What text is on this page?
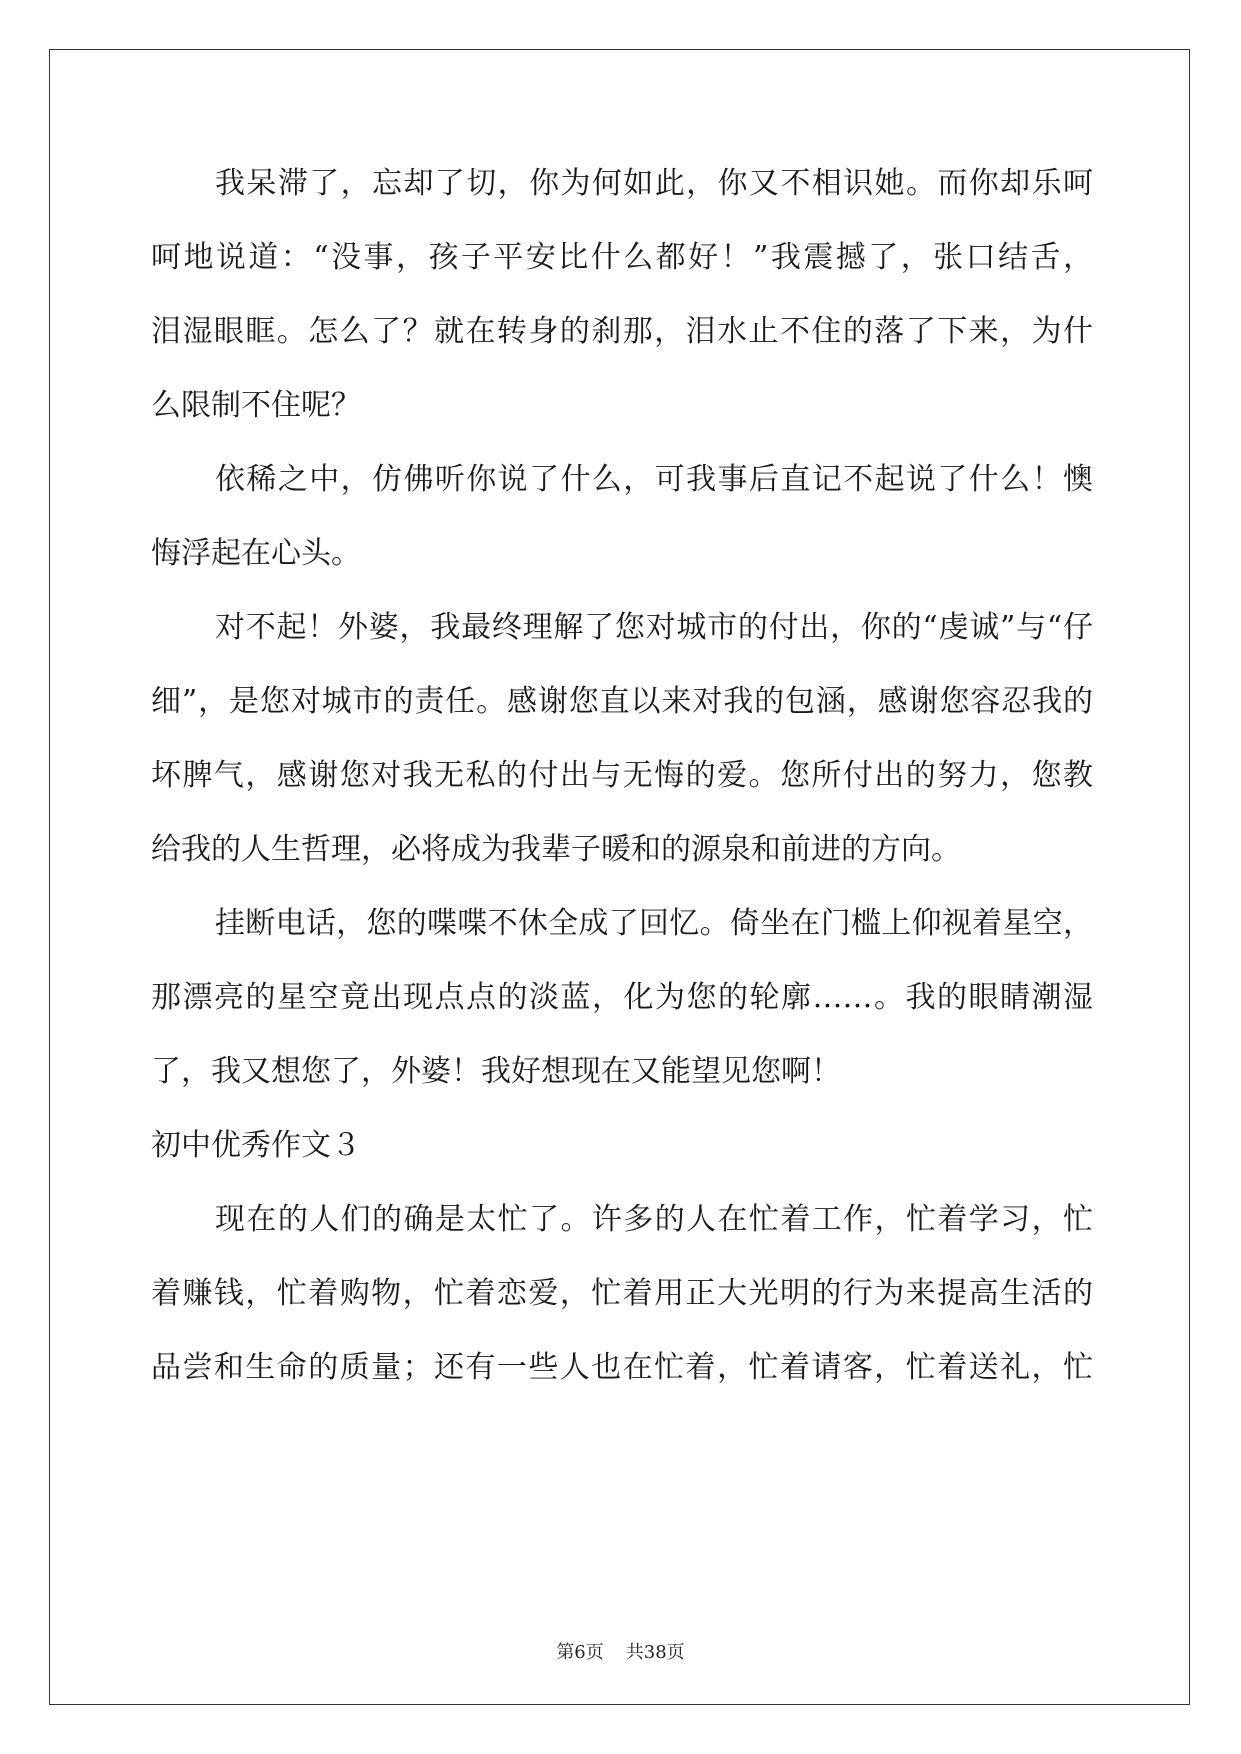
我呆滞了，忘却了切，你为何如此，你又不相识她。而你却乐呵
呵地说道：“没事，孩子平安比什么都好！”我震撼了，张口结舌，
泪湿眼眶。怎么了？就在转身的刹那，泪水止不住的落了下来，为什
么限制不住呢？
依稀之中，仿佛听你说了什么，可我事后直记不起说了什么！懊
悔浮起在心头。
对不起！外婆，我最终理解了您对城市的付出，你的“虔诚”与“仔
细”，是您对城市的责任。感谢您直以来对我的包涵，感谢您容忍我的
坏脾气，感谢您对我无私的付出与无悔的爱。您所付出的努力，您教
给我的人生哲理，必将成为我辈子暖和的源泉和前进的方向。
挂断电话，您的喋喋不休全成了回忆。倚坐在门槛上仰视着星空，
那漂亮的星空竟出现点点的淡蓝，化为您的轮廓……。我的眼睛潮湿
了，我又想您了，外婆！我好想现在又能望见您啊！
初中优秀作文３
现在的人们的确是太忙了。许多的人在忙着工作，忙着学习，忙
着赚钱，忙着购物，忙着恋爱，忙着用正大光明的行为来提高生活的
品尝和生命的质量；还有一些人也在忙着，忙着请客，忙着送礼，忙
第6页 共38页
